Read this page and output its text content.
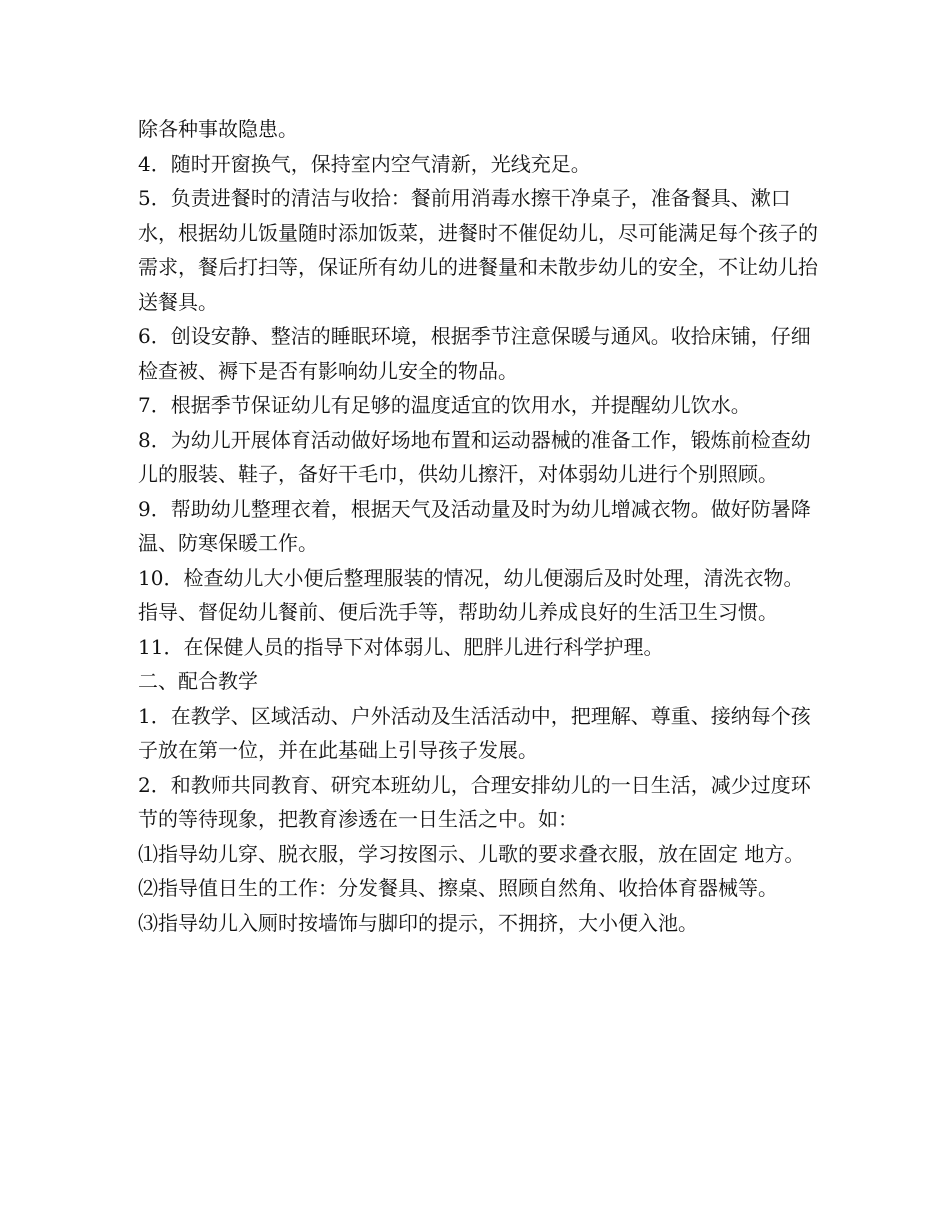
除各种事故隐患。

4．随时开窗换气，保持室内空气清新，光线充足。

5．负责进餐时的清洁与收拾：餐前用消毒水擦干净桌子，准备餐具、漱口水，根据幼儿饭量随时添加饭菜，进餐时不催促幼儿，尽可能满足每个孩子的需求，餐后打扫等，保证所有幼儿的进餐量和未散步幼儿的安全，不让幼儿抬送餐具。

6．创设安静、整洁的睡眠环境，根据季节注意保暖与通风。收拾床铺，仔细检查被、褥下是否有影响幼儿安全的物品。

7．根据季节保证幼儿有足够的温度适宜的饮用水，并提醒幼儿饮水。

8．为幼儿开展体育活动做好场地布置和运动器械的准备工作，锻炼前检查幼儿的服装、鞋子，备好干毛巾，供幼儿擦汗，对体弱幼儿进行个别照顾。

9．帮助幼儿整理衣着，根据天气及活动量及时为幼儿增减衣物。做好防暑降温、防寒保暖工作。

10．检查幼儿大小便后整理服装的情况，幼儿便溺后及时处理，清洗衣物。指导、督促幼儿餐前、便后洗手等，帮助幼儿养成良好的生活卫生习惯。

11．在保健人员的指导下对体弱儿、肥胖儿进行科学护理。

二、配合教学

1．在教学、区域活动、户外活动及生活活动中，把理解、尊重、接纳每个孩子放在第一位，并在此基础上引导孩子发展。

2．和教师共同教育、研究本班幼儿，合理安排幼儿的一日生活，减少过度环节的等待现象，把教育渗透在一日生活之中。如：

⑴指导幼儿穿、脱衣服，学习按图示、儿歌的要求叠衣服，放在固定 地方。

⑵指导值日生的工作：分发餐具、擦桌、照顾自然角、收拾体育器械等。

⑶指导幼儿入厕时按墙饰与脚印的提示，不拥挤，大小便入池。
